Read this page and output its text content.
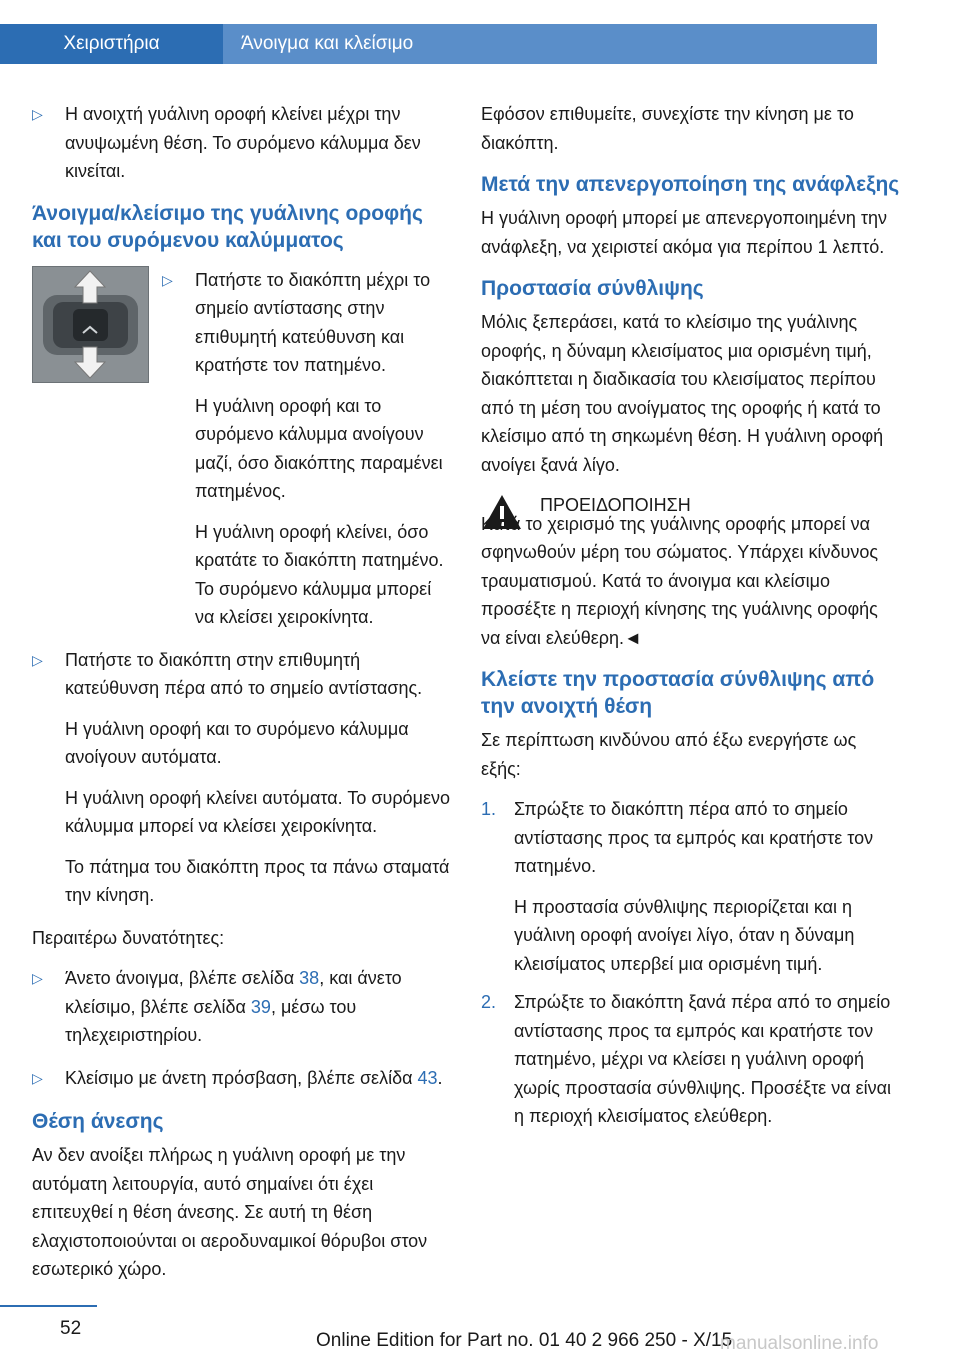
Χειριστήρια	Άνοιγμα και κλείσιμο
▷ Η ανοιχτή γυάλινη οροφή κλείνει μέχρι την ανυψωμένη θέση. Το συρόμενο κάλυμμα δεν κινείται.

Άνοιγμα/κλείσιμο της γυάλινης οροφής και του συρόμενου καλύμματος
▷ Πατήστε το διακόπτη μέχρι το σημείο αντίστασης στην επιθυμητή κατεύθυνση και κρατήστε τον πατημένο.

Η γυάλινη οροφή και το συρόμενο κάλυμμα ανοίγουν μαζί, όσο διακόπτης παραμένει πατημένος.

Η γυάλινη οροφή κλείνει, όσο κρατάτε το διακόπτη πατημένο. Το συρόμενο κάλυμμα μπορεί να κλείσει χειροκίνητα.

▷ Πατήστε το διακόπτη στην επιθυμητή κατεύθυνση πέρα από το σημείο αντίστασης.

Η γυάλινη οροφή και το συρόμενο κάλυμμα ανοίγουν αυτόματα.

Η γυάλινη οροφή κλείνει αυτόματα. Το συρόμενο κάλυμμα μπορεί να κλείσει χειροκίνητα.

Το πάτημα του διακόπτη προς τα πάνω σταματά την κίνηση.

Περαιτέρω δυνατότητες:

▷ Άνετο άνοιγμα, βλέπε σελίδα 38, και άνετο κλείσιμο, βλέπε σελίδα 39, μέσω του τηλεχειριστηρίου.

▷ Κλείσιμο με άνετη πρόσβαση, βλέπε σελίδα 43.

Θέση άνεσης

Αν δεν ανοίξει πλήρως η γυάλινη οροφή με την αυτόματη λειτουργία, αυτό σημαίνει ότι έχει επιτευχθεί η θέση άνεσης. Σε αυτή τη θέση ελαχιστοποιούνται οι αεροδυναμικοί θόρυβοι στον εσωτερικό χώρο.

Εφόσον επιθυμείτε, συνεχίστε την κίνηση με το διακόπτη.

Μετά την απενεργοποίηση της ανάφλεξης

Η γυάλινη οροφή μπορεί με απενεργοποιημένη την ανάφλεξη, να χειριστεί ακόμα για περίπου 1 λεπτό.

Προστασία σύνθλιψης

Μόλις ξεπεράσει, κατά το κλείσιμο της γυάλινης οροφής, η δύναμη κλεισίματος μια ορισμένη τιμή, διακόπτεται η διαδικασία του κλεισίματος περίπου από τη μέση του ανοίγματος της οροφής ή κατά το κλείσιμο από τη σηκωμένη θέση. Η γυάλινη οροφή ανοίγει ξανά λίγο.

ΠΡΟΕΙΔΟΠΟΙΗΣΗ

Κατά το χειρισμό της γυάλινης οροφής μπορεί να σφηνωθούν μέρη του σώματος. Υπάρχει κίνδυνος τραυματισμού. Κατά το άνοιγμα και κλείσιμο προσέξτε η περιοχή κίνησης της γυάλινης οροφής να είναι ελεύθερη.◄

Κλείστε την προστασία σύνθλιψης από την ανοιχτή θέση

Σε περίπτωση κινδύνου από έξω ενεργήστε ως εξής:

1. Σπρώξτε το διακόπτη πέρα από το σημείο αντίστασης προς τα εμπρός και κρατήστε τον πατημένο.

Η προστασία σύνθλιψης περιορίζεται και η γυάλινη οροφή ανοίγει λίγο, όταν η δύναμη κλεισίματος υπερβεί μια ορισμένη τιμή.

2. Σπρώξτε το διακόπτη ξανά πέρα από το σημείο αντίστασης προς τα εμπρός και κρατήστε τον πατημένο, μέχρι να κλείσει η γυάλινη οροφή χωρίς προστασία σύνθλιψης. Προσέξτε να είναι η περιοχή κλεισίματος ελεύθερη.

52
Online Edition for Part no. 01 40 2 966 250 - X/15
manualsonline.info
